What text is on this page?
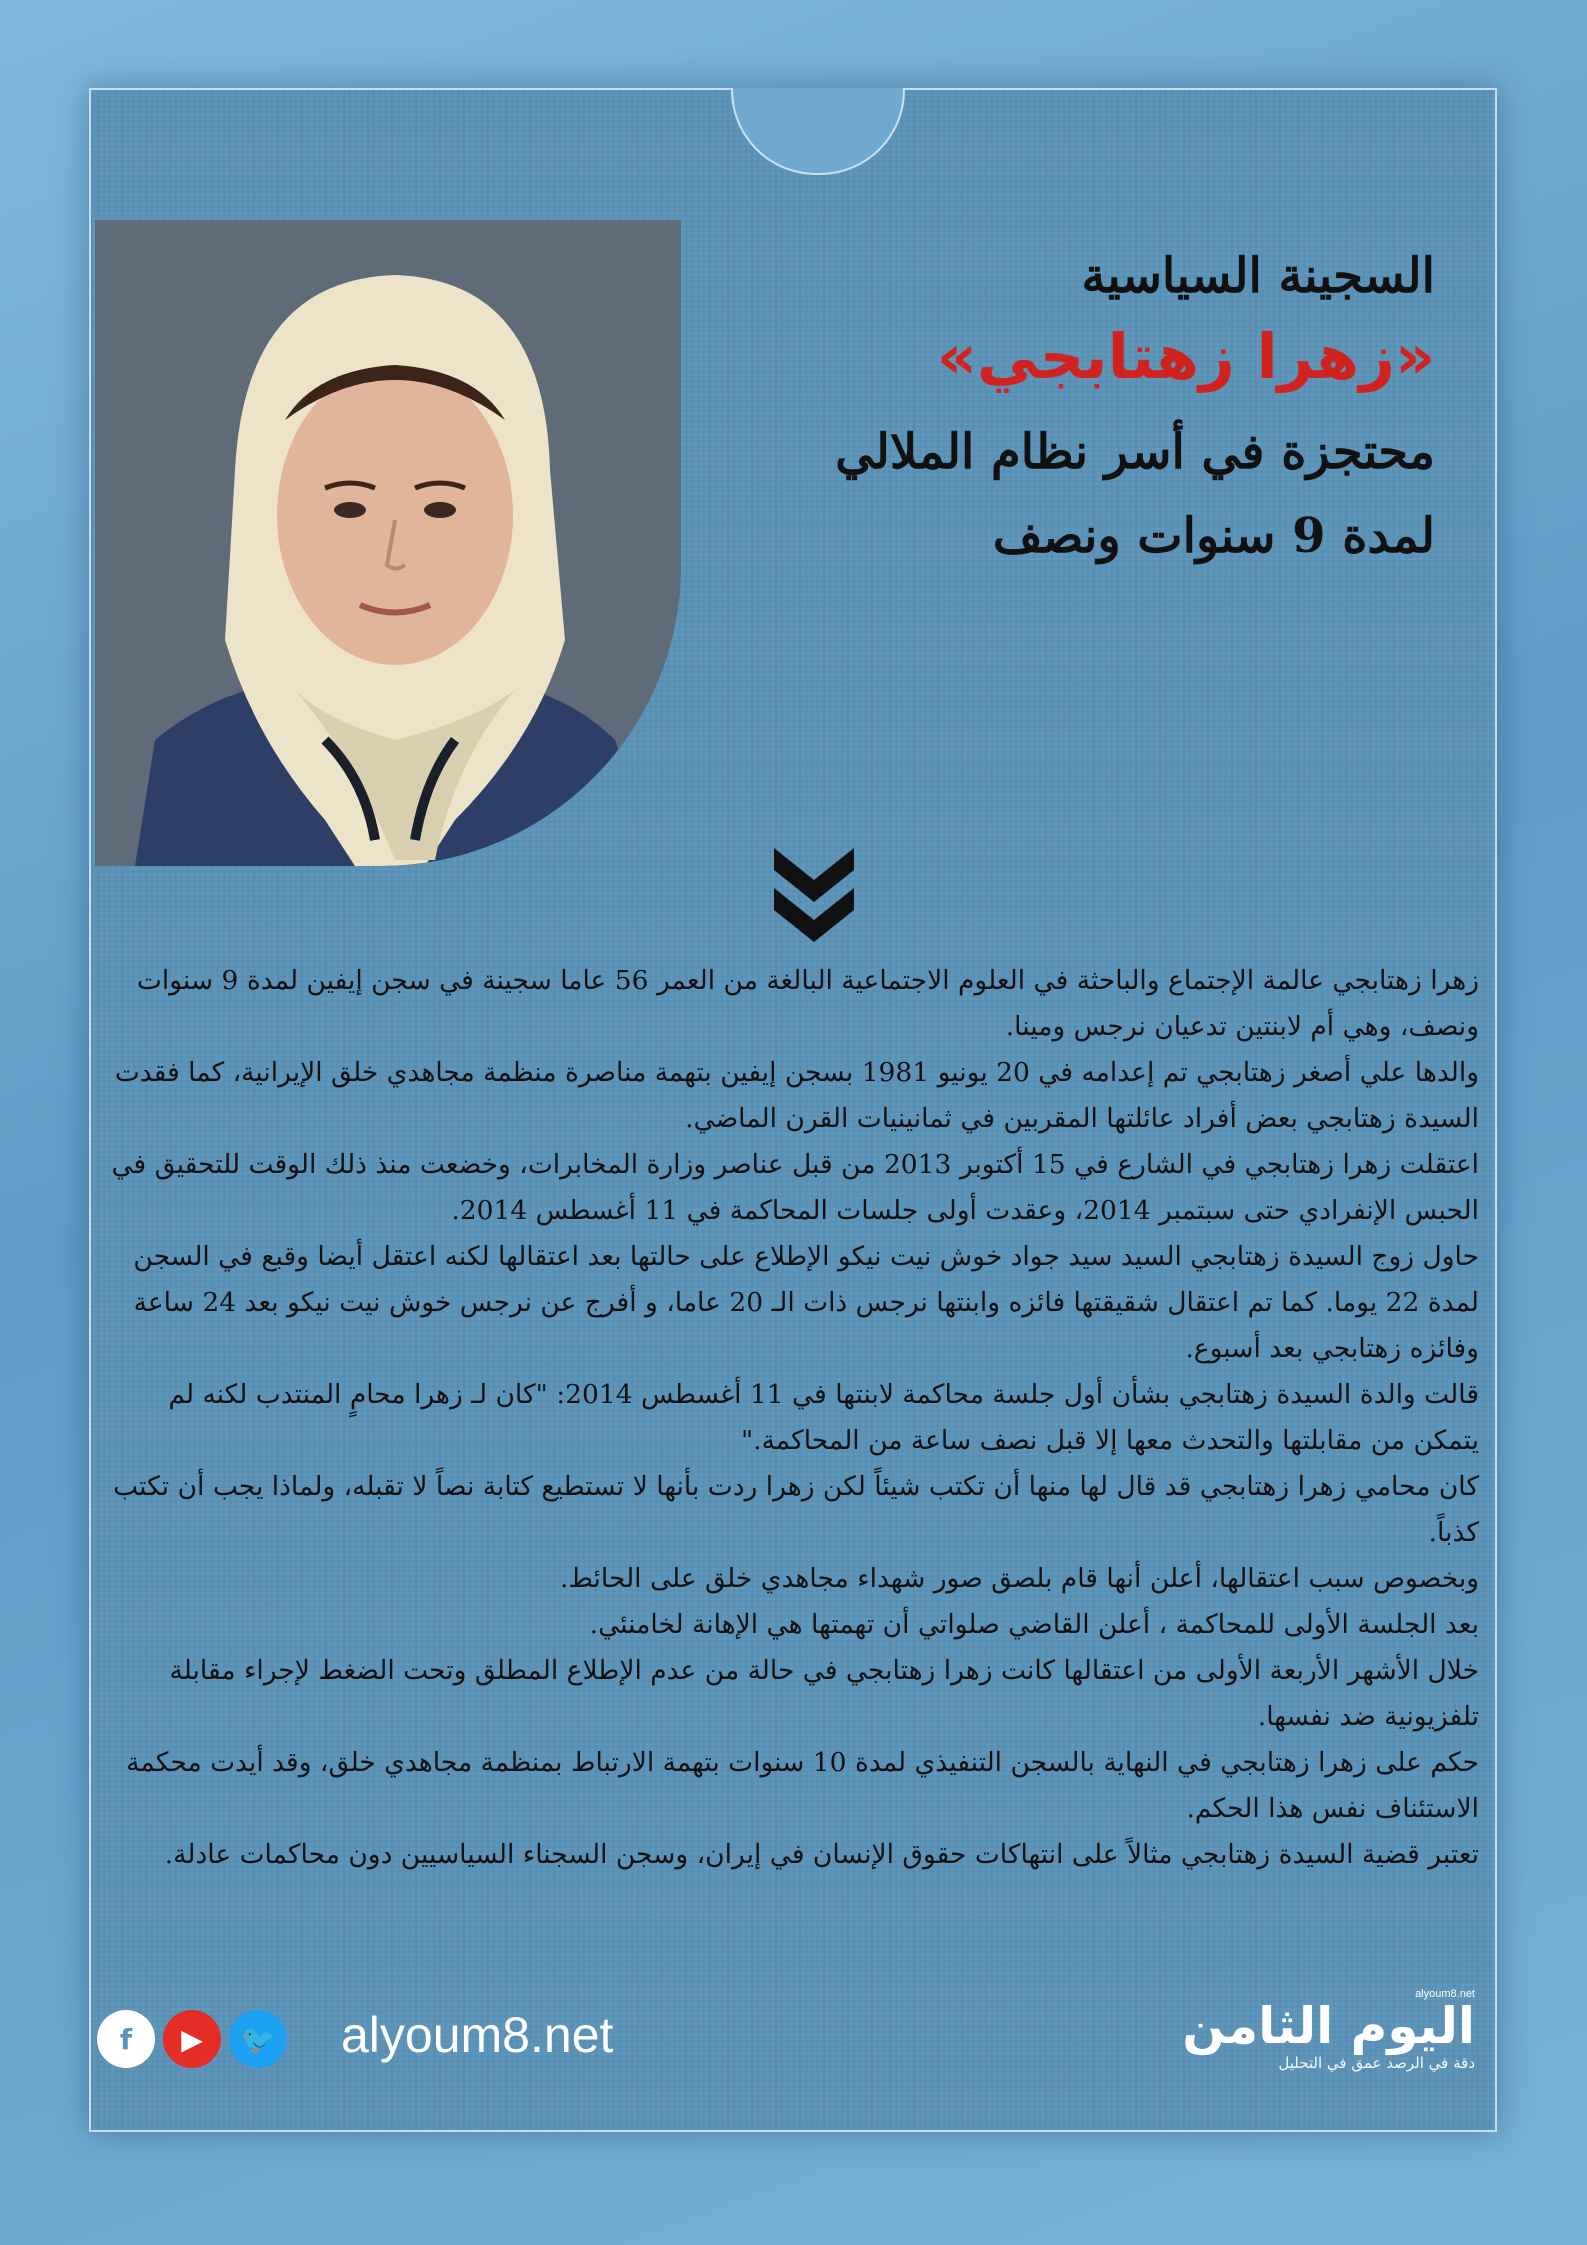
السجينة السياسية

«زهرا زهتابجي»

محتجزة في أسر نظام الملالي

لمدة 9 سنوات ونصف

زهرا زهتابجي عالمة الإجتماع والباحثة في العلوم الاجتماعية البالغة من العمر 56 عاما سجينة في سجن إيفين لمدة 9 سنوات ونصف، وهي أم لابنتين تدعيان نرجس ومينا.

والدها علي أصغر زهتابجي تم إعدامه في 20 يونيو 1981 بسجن إيفين بتهمة مناصرة منظمة مجاهدي خلق الإيرانية، كما فقدت السيدة زهتابجي بعض أفراد عائلتها المقربين في ثمانينيات القرن الماضي.

اعتقلت زهرا زهتابجي في الشارع في 15 أكتوبر 2013 من قبل عناصر وزارة المخابرات، وخضعت منذ ذلك الوقت للتحقيق في الحبس الإنفرادي حتى سبتمبر 2014، وعقدت أولى جلسات المحاكمة في 11 أغسطس 2014.

حاول زوج السيدة زهتابجي السيد سيد جواد خوش نيت نيكو الإطلاع على حالتها بعد اعتقالها لكنه اعتقل أيضا وقبع في السجن لمدة 22 يوما. كما تم اعتقال شقيقتها فائزه وابنتها نرجس ذات الـ 20 عاما، و أفرج عن نرجس خوش نيت نيكو بعد 24 ساعة وفائزه زهتابجي بعد أسبوع.

قالت والدة السيدة زهتابجي بشأن أول جلسة محاكمة لابنتها في 11 أغسطس 2014: "كان لـ زهرا محامٍ المنتدب لكنه لم يتمكن من مقابلتها والتحدث معها إلا قبل نصف ساعة من المحاكمة."

كان محامي زهرا زهتابجي قد قال لها منها أن تكتب شيئاً لكن زهرا ردت بأنها لا تستطيع كتابة نصاً لا تقبله، ولماذا يجب أن تكتب كذباً.

وبخصوص سبب اعتقالها، أعلن أنها قام بلصق صور شهداء مجاهدي خلق على الحائط.

بعد الجلسة الأولى للمحاكمة ، أعلن القاضي صلواتي أن تهمتها هي الإهانة لخامنئي.

خلال الأشهر الأربعة الأولى من اعتقالها كانت زهرا زهتابجي في حالة من عدم الإطلاع المطلق وتحت الضغط لإجراء مقابلة تلفزيونية ضد نفسها.

حكم على زهرا زهتابجي في النهاية بالسجن التنفيذي لمدة 10 سنوات بتهمة الارتباط بمنظمة مجاهدي خلق، وقد أيدت محكمة الاستئناف نفس هذا الحكم.

تعتبر قضية السيدة زهتابجي مثالاً على انتهاكات حقوق الإنسان في إيران، وسجن السجناء السياسيين دون محاكمات عادلة.

f	▶	🐦 alyoum8.net
alyoum8.net
اليوم الثامن
دقة في الرصد عمق في التحليل
